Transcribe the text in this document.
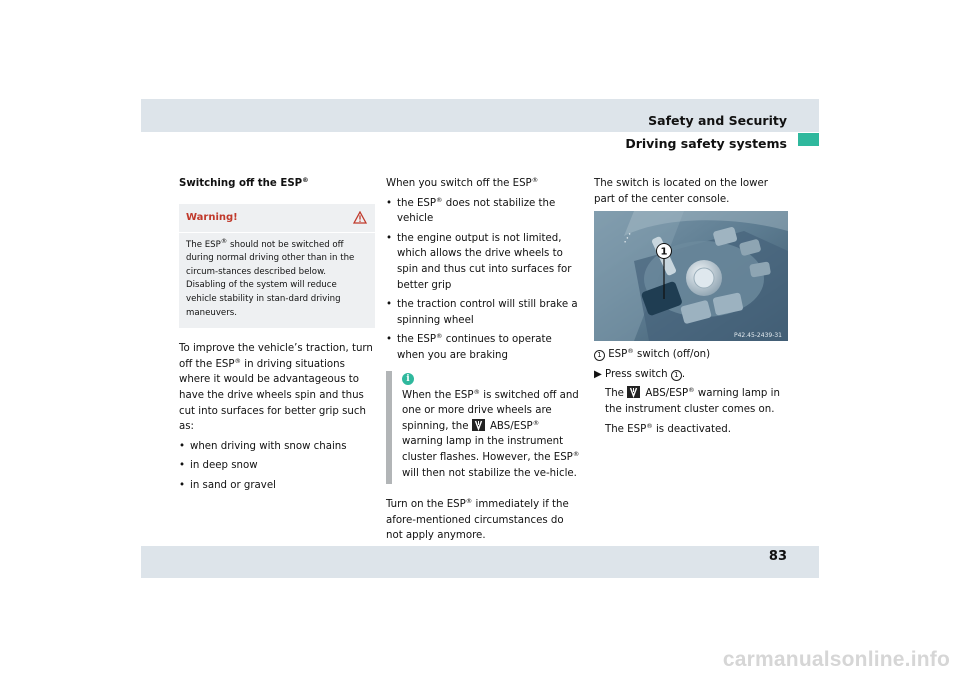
Safety and Security
Driving safety systems

Switching off the ESP®

Warning!

The ESP® should not be switched off during normal driving other than in the circum-stances described below. Disabling of the system will reduce vehicle stability in stan-dard driving maneuvers.

To improve the vehicle’s traction, turn off the ESP® in driving situations where it would be advantageous to have the drive wheels spin and thus cut into surfaces for better grip such as:

• when driving with snow chains
• in deep snow
• in sand or gravel

When you switch off the ESP®

• the ESP® does not stabilize the vehicle
• the engine output is not limited, which allows the drive wheels to spin and thus cut into surfaces for better grip
• the traction control will still brake a spinning wheel
• the ESP® continues to operate when you are braking
i

When the ESP® is switched off and one or more drive wheels are spinning, the
ABS/ESP® warning lamp in the instrument cluster flashes. However, the ESP® will then not stabilize the ve-hicle.

Turn on the ESP® immediately if the afore-mentioned circumstances do not apply anymore.

The switch is located on the lower part of the center console.

• • •
1
P42.45-2439-31

1 ESP® switch (off/on)

▶ Press switch 1 .

The
ABS/ESP® warning lamp in the instrument cluster comes on.

The ESP® is deactivated.

83
carmanualsonline.info
